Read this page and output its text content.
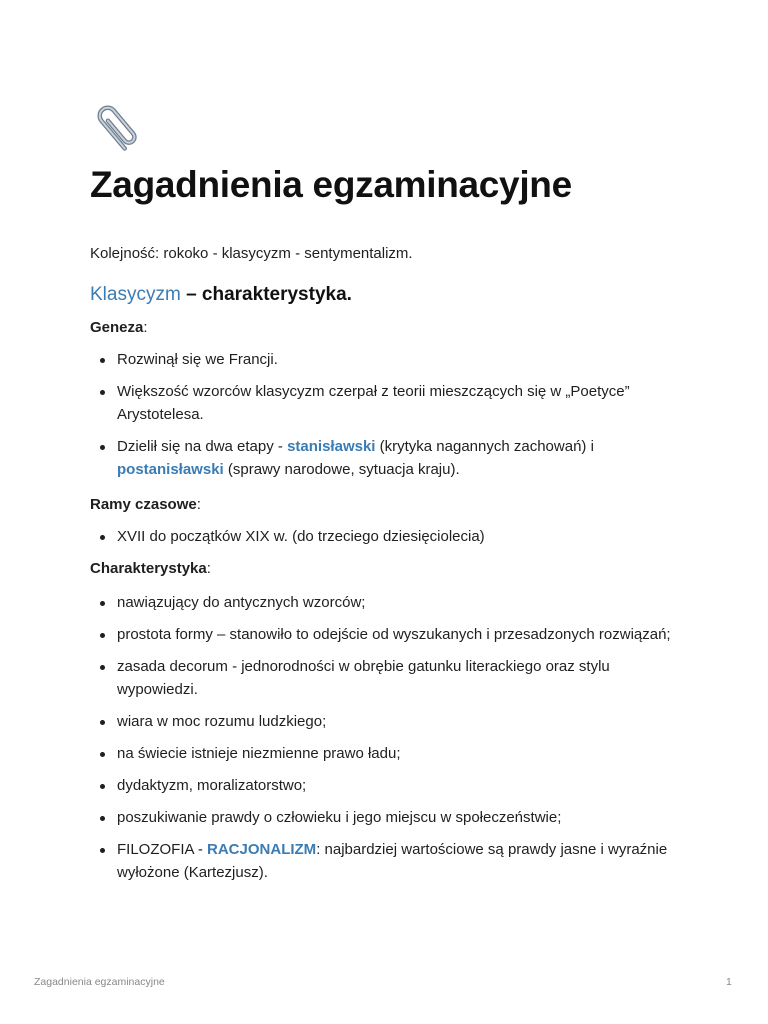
Zagadnienia egzaminacyjne

Kolejność: rokoko - klasycyzm - sentymentalizm.

Klasycyzm – charakterystyka.

Geneza:

Rozwinął się we Francji.
Większość wzorców klasycyzm czerpał z teorii mieszczących się w „Poetyce” Arystotelesa.
Dzielił się na dwa etapy - stanisławski (krytyka nagannych zachowań) i postanisławski (sprawy narodowe, sytuacja kraju).

Ramy czasowe:

XVII do początków XIX w. (do trzeciego dziesięciolecia)

Charakterystyka:

nawiązujący do antycznych wzorców;
prostota formy – stanowiło to odejście od wyszukanych i przesadzonych rozwiązań;
zasada decorum - jednorodności w obrębie gatunku literackiego oraz stylu wypowiedzi.
wiara w moc rozumu ludzkiego;
na świecie istnieje niezmienne prawo ładu;
dydaktyzm, moralizatorstwo;
poszukiwanie prawdy o człowieku i jego miejscu w społeczeństwie;
FILOZOFIA - RACJONALIZM: najbardziej wartościowe są prawdy jasne i wyraźnie wyłożone (Kartezjusz).
Zagadnienia egzaminacyjne	1
